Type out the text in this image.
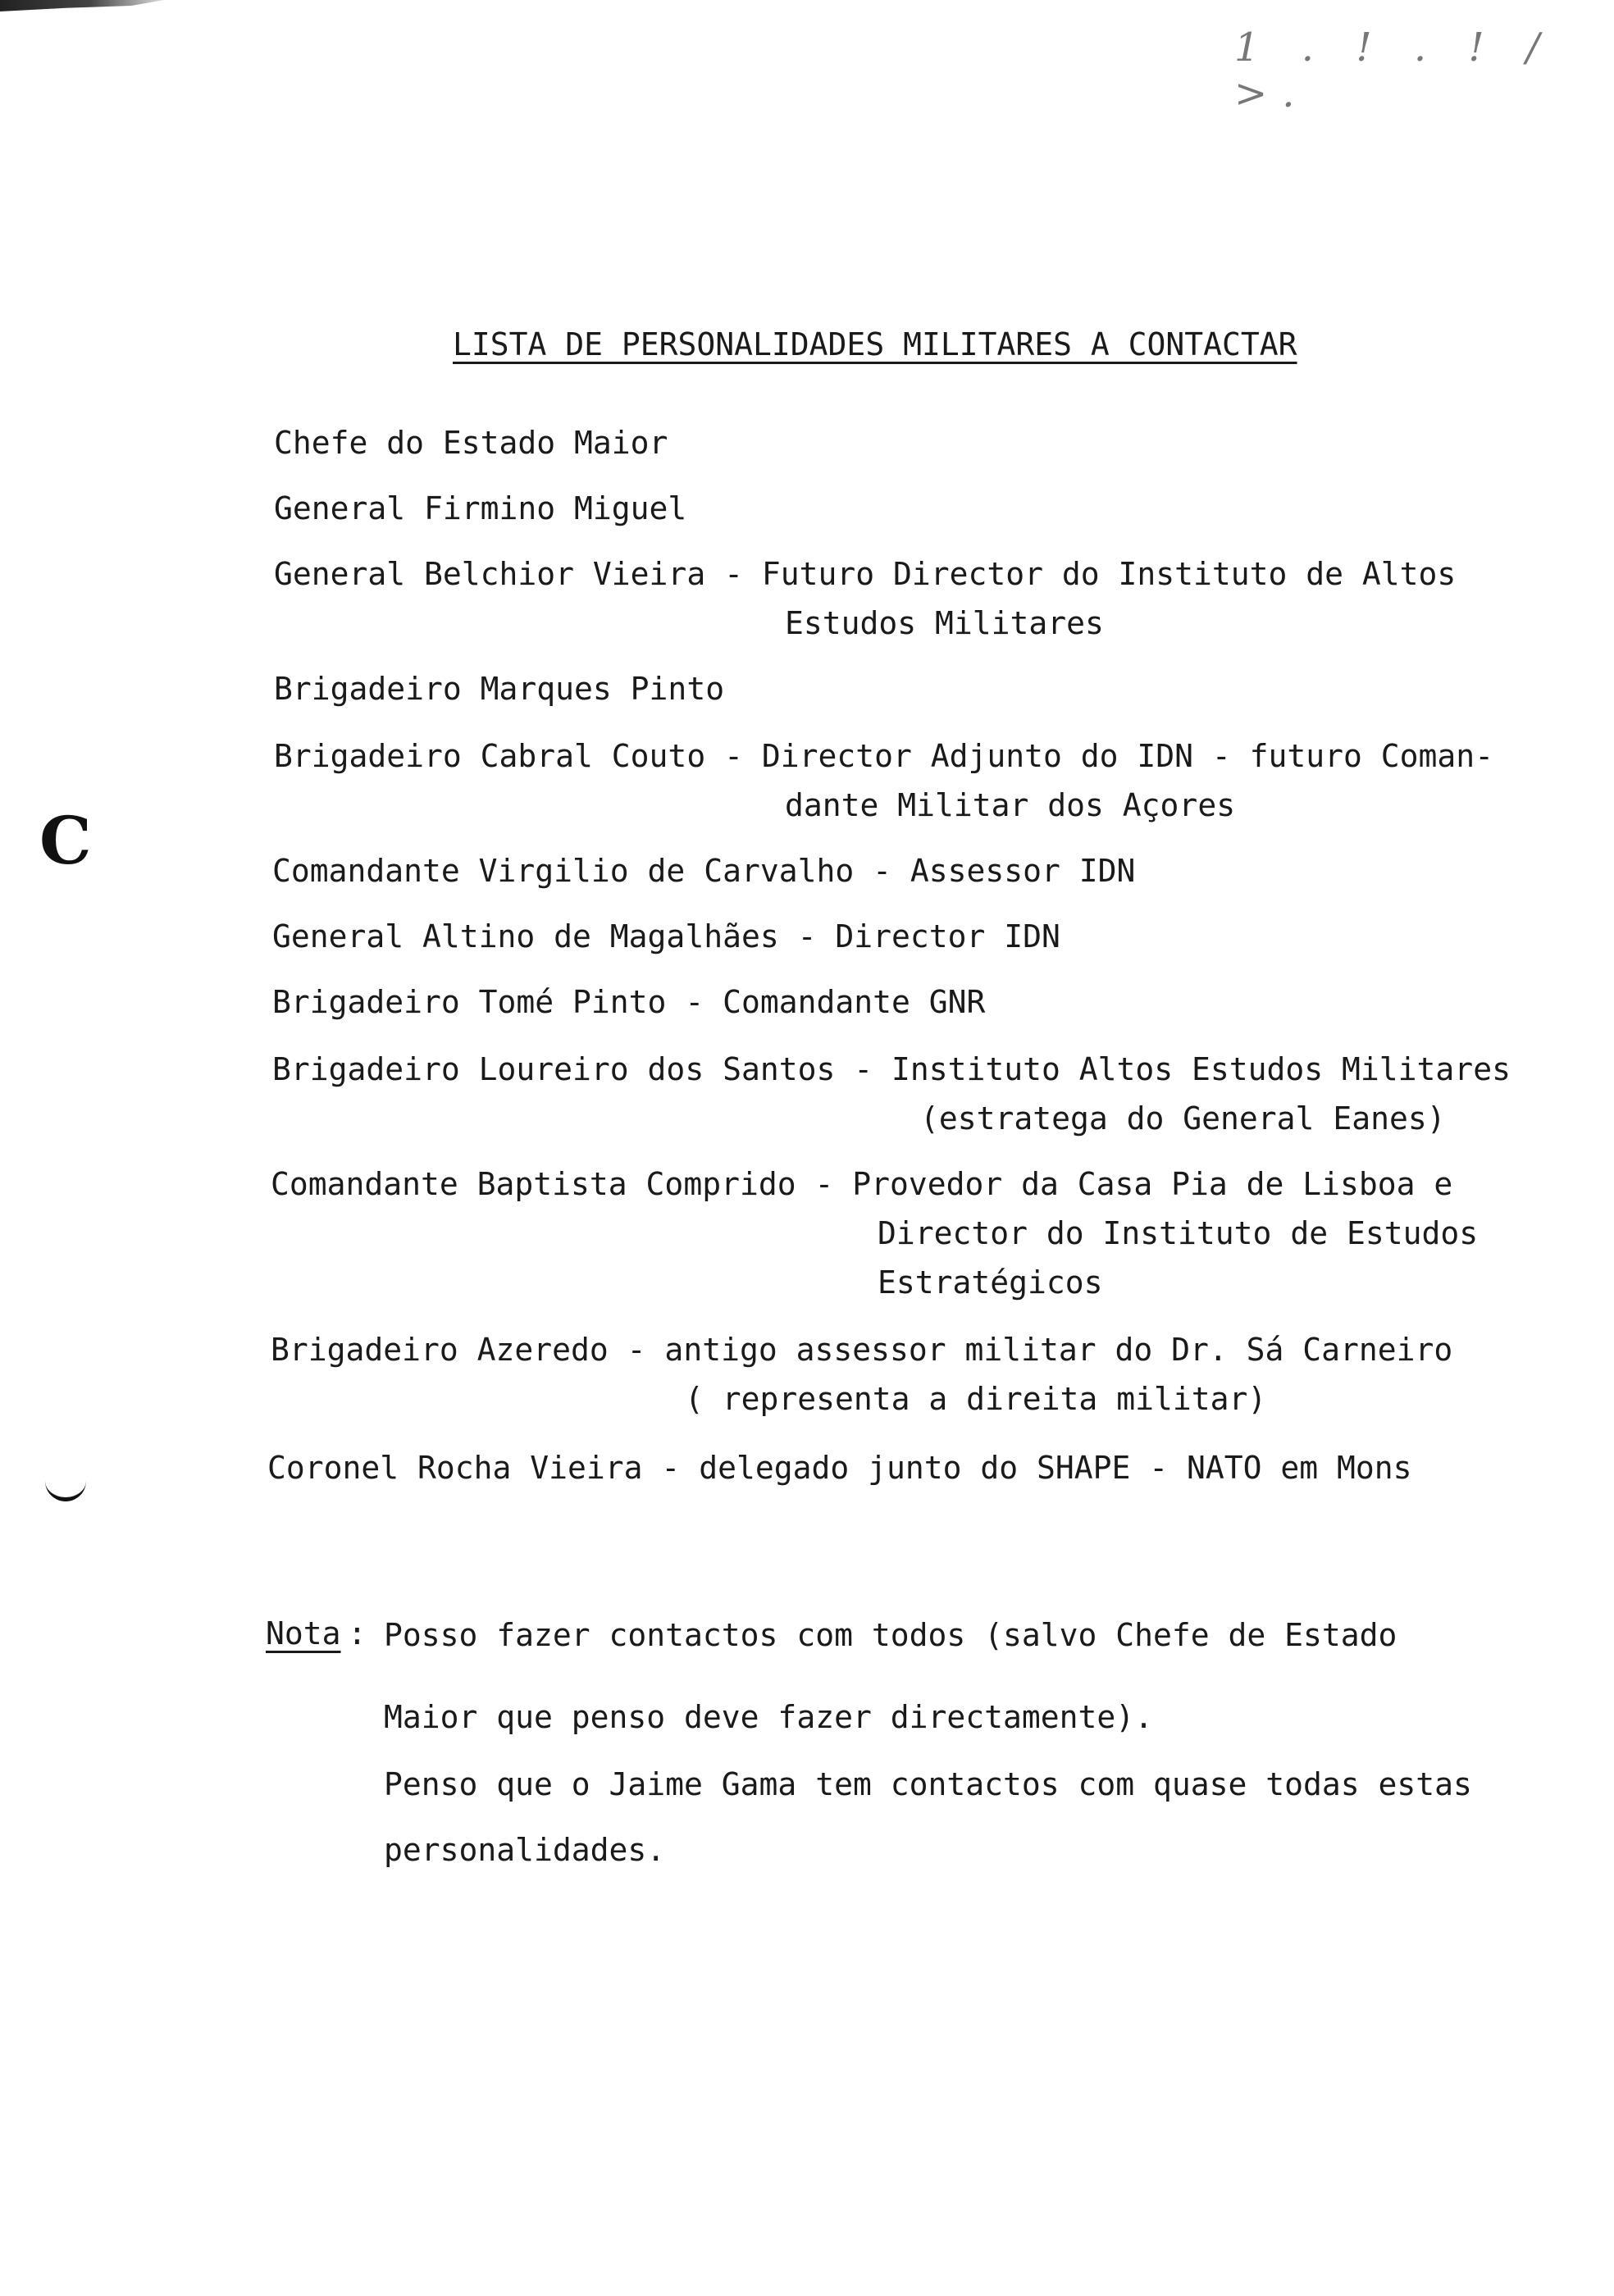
1 . ! . ! / >.
C
LISTA DE PERSONALIDADES MILITARES A CONTACTAR
Chefe do Estado Maior
General Firmino Miguel
General Belchior Vieira - Futuro Director do Instituto de Altos
Estudos Militares
Brigadeiro Marques Pinto
Brigadeiro Cabral Couto - Director Adjunto do IDN - futuro Coman-
dante Militar dos Açores
Comandante Virgilio de Carvalho - Assessor IDN
General Altino de Magalhães - Director IDN
Brigadeiro Tomé Pinto - Comandante GNR
Brigadeiro Loureiro dos Santos - Instituto Altos Estudos Militares
(estratega do General Eanes)
Comandante Baptista Comprido - Provedor da Casa Pia de Lisboa e
Director do Instituto de Estudos
Estratégicos
Brigadeiro Azeredo - antigo assessor militar do Dr. Sá Carneiro
( representa a direita militar)
Coronel Rocha Vieira - delegado junto do SHAPE - NATO em Mons
Nota : Posso fazer contactos com todos (salvo Chefe de Estado
Maior que penso deve fazer directamente).
Penso que o Jaime Gama tem contactos com quase todas estas
personalidades.
